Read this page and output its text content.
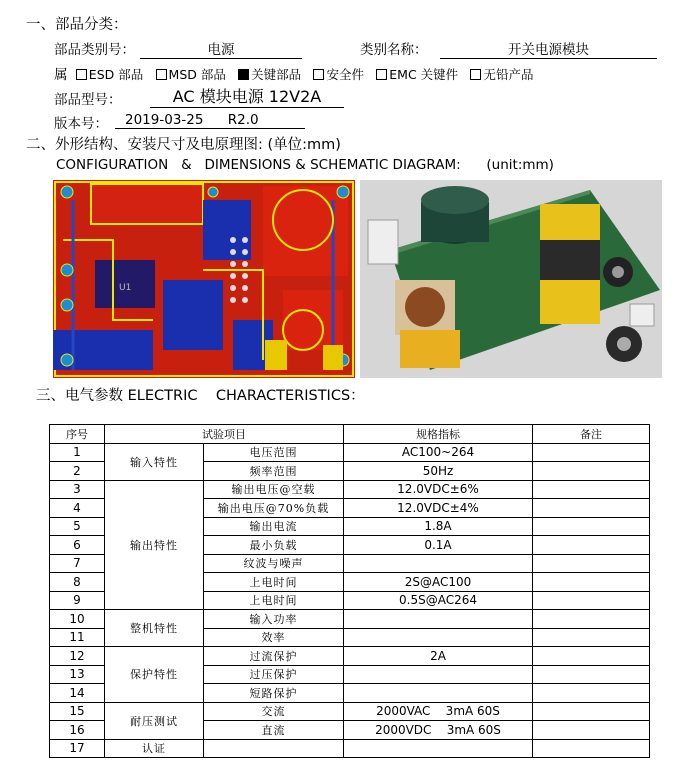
一、部品分类：
部品类别号：	电源	类别名称：	开关电源模块
属 ESD 部品 MSD 部品 关键部品 安全件 EMC 关键件 无铅产品
部品型号：	AC 模块电源 12V2A
版本号：	2019-03-25 R2.0
二、外形结构、安装尺寸及电原理图: (单位:mm)
CONFIGURATION   &   DIMENSIONS & SCHEMATIC DIAGRAM:      (unit:mm)
U1
三、电气参数 ELECTRIC    CHARACTERISTICS：
序号	试验项目		规格指标	备注
1	输入特性	电压范围	AC100~264	
2		频率范围	50Hz	
3	输出特性	输出电压@空载	12.0VDC±6%	
4		输出电压@70%负载	12.0VDC±4%	
5		输出电流	1.8A	
6		最小负载	0.1A	
7		纹波与噪声		
8		上电时间	2S@AC100	
9		上电时间	0.5S@AC264	
10	整机特性	输入功率		
11		效率		
12	保护特性	过流保护	2A	
13		过压保护		
14		短路保护		
15	耐压测试	交流	2000VAC    3mA 60S	
16		直流	2000VDC    3mA 60S	
17	认证			
